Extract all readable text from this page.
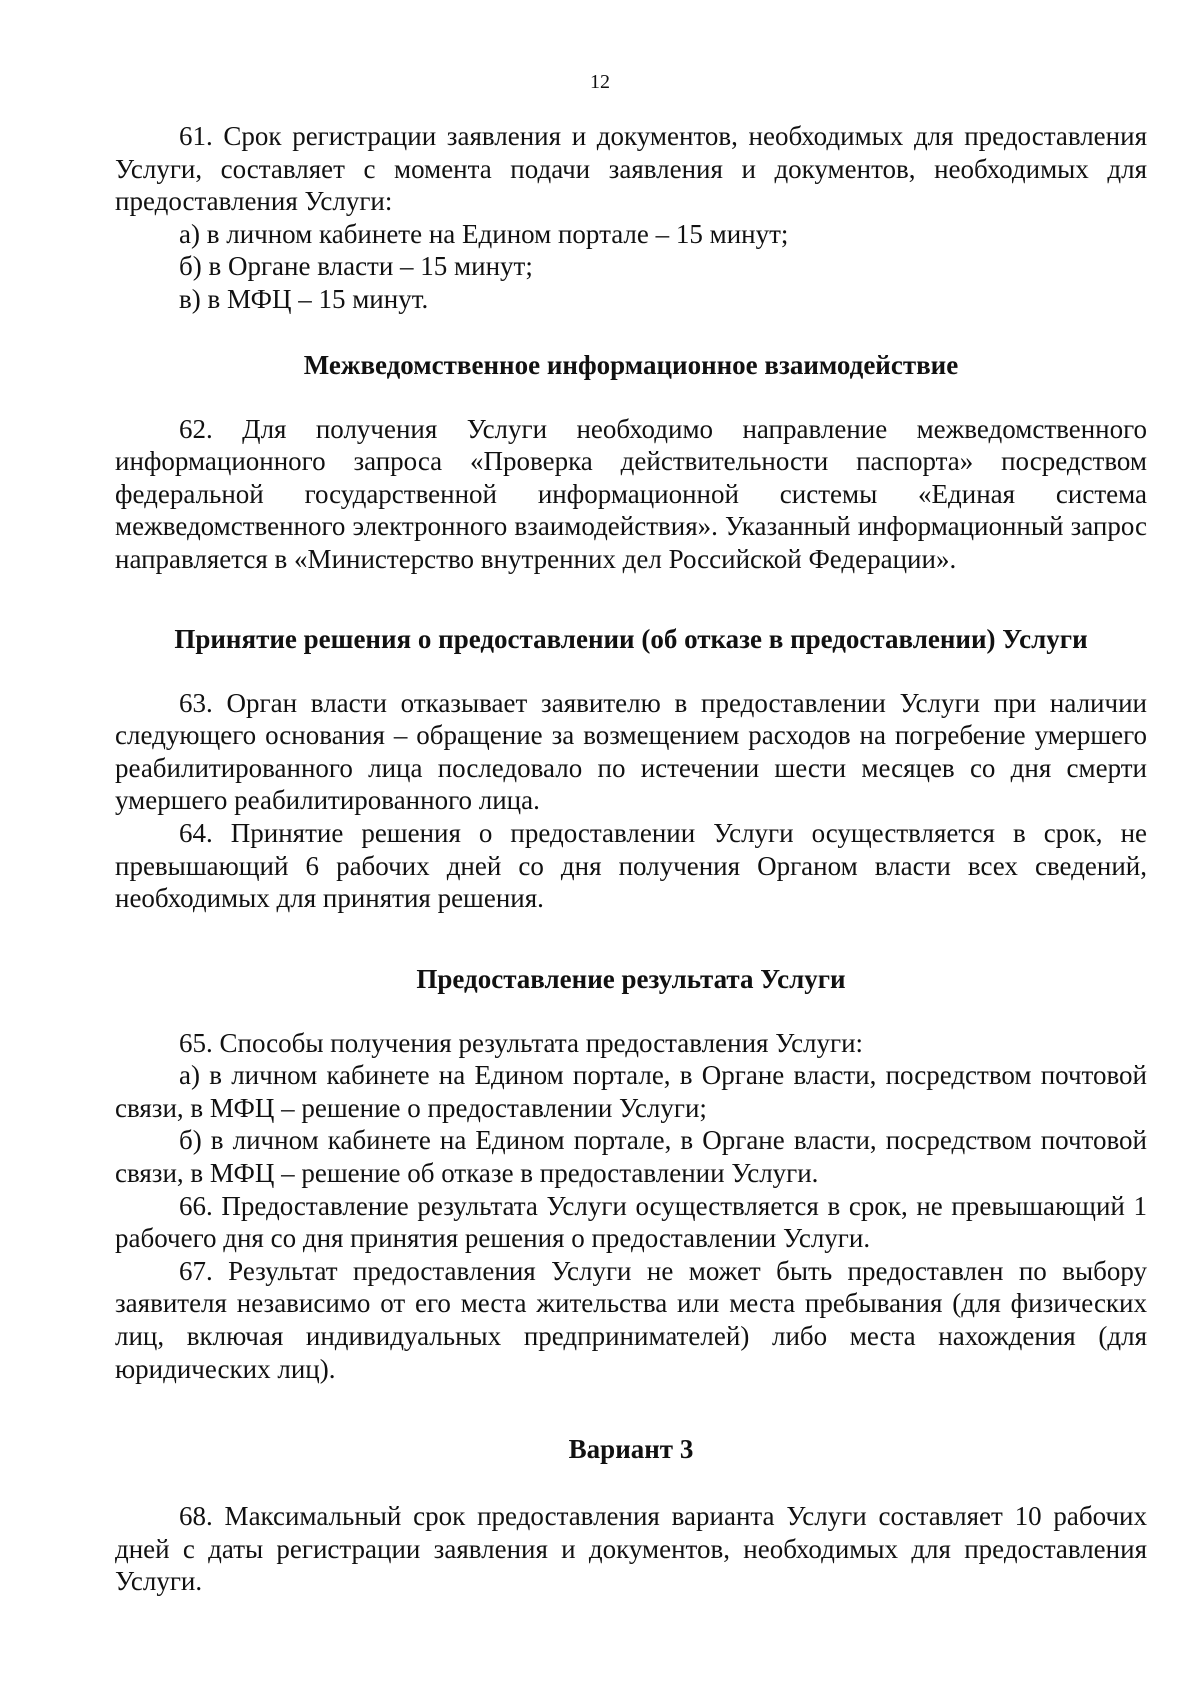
12

61. Срок регистрации заявления и документов, необходимых для предоставления Услуги, составляет с момента подачи заявления и документов, необходимых для предоставления Услуги:

а) в личном кабинете на Едином портале – 15 минут;

б) в Органе власти – 15 минут;

в) в МФЦ – 15 минут.

Межведомственное информационное взаимодействие

62. Для получения Услуги необходимо направление межведомственного информационного запроса «Проверка действительности паспорта» посредством федеральной государственной информационной системы «Единая система межведомственного электронного взаимодействия». Указанный информационный запрос направляется в «Министерство внутренних дел Российской Федерации».

Принятие решения о предоставлении (об отказе в предоставлении) Услуги

63. Орган власти отказывает заявителю в предоставлении Услуги при наличии следующего основания – обращение за возмещением расходов на погребение умершего реабилитированного лица последовало по истечении шести месяцев со дня смерти умершего реабилитированного лица.

64. Принятие решения о предоставлении Услуги осуществляется в срок, не превышающий 6 рабочих дней со дня получения Органом власти всех сведений, необходимых для принятия решения.

Предоставление результата Услуги

65. Способы получения результата предоставления Услуги:

а) в личном кабинете на Едином портале, в Органе власти, посредством почтовой связи, в МФЦ – решение о предоставлении Услуги;

б) в личном кабинете на Едином портале, в Органе власти, посредством почтовой связи, в МФЦ – решение об отказе в предоставлении Услуги.

66. Предоставление результата Услуги осуществляется в срок, не превышающий 1 рабочего дня со дня принятия решения о предоставлении Услуги.

67. Результат предоставления Услуги не может быть предоставлен по выбору заявителя независимо от его места жительства или места пребывания (для физических лиц, включая индивидуальных предпринимателей) либо места нахождения (для юридических лиц).

Вариант 3

68. Максимальный срок предоставления варианта Услуги составляет 10 рабочих дней с даты регистрации заявления и документов, необходимых для предоставления Услуги.
